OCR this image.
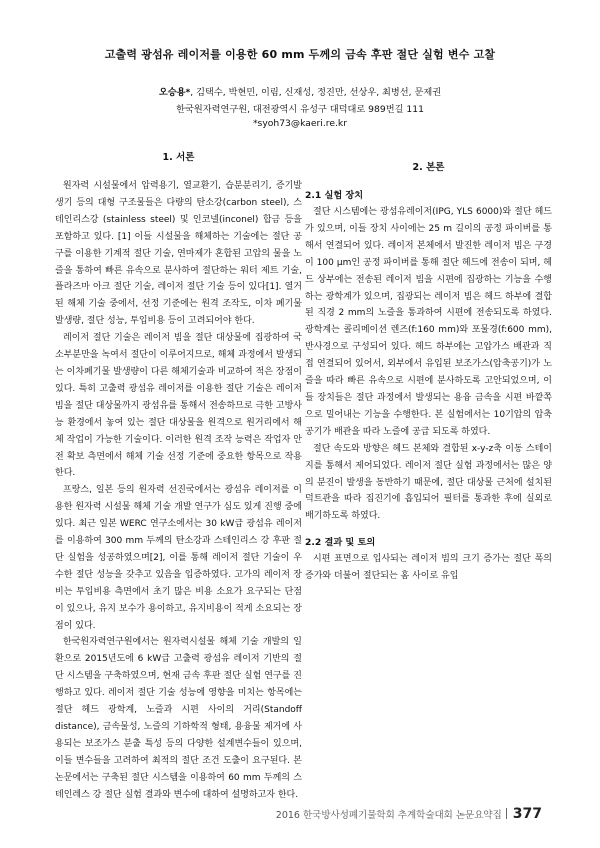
고출력 광섬유 레이저를 이용한 60 mm 두께의 금속 후판 절단 실험 변수 고찰
오승용*, 김택수, 박현민, 이림, 신재성, 정진만, 선상우, 최병선, 문제권
한국원자력연구원, 대전광역시 유성구 대덕대로 989번길 111
*syoh73@kaeri.re.kr
1. 서론

원자력 시설물에서 압력용기, 열교환기, 습분분리기, 증기발생기 등의 대형 구조물들은 다량의 탄소강(carbon steel), 스테인리스강 (stainless steel) 및 인코넬(inconel) 합금 등을 포함하고 있다. [1] 이들 시설물을 해체하는 기술에는 절단 공구를 이용한 기계적 절단 기술, 연마제가 혼합된 고압의 물을 노즐을 통하여 빠른 유속으로 분사하여 절단하는 워터 제트 기술, 플라즈마 아크 절단 기술, 레이저 절단 기술 등이 있다[1]. 열거된 해체 기술 중에서, 선정 기준에는 원격 조작도, 이차 폐기물 발생량, 절단 성능, 투입비용 등이 고려되어야 한다.

레이저 절단 기술은 레이저 빔을 절단 대상물에 집광하여 국소부분만을 녹여서 절단이 이루어지므로, 해체 과정에서 발생되는 이차폐기물 발생량이 다른 해체기술과 비교하여 적은 장점이 있다. 특히 고출력 광섬유 레이저를 이용한 절단 기술은 레이저 빔을 절단 대상물까지 광섬유를 통해서 전송하므로 극한 고방사능 환경에서 놓여 있는 절단 대상물을 원격으로 원거리에서 해체 작업이 가능한 기술이다. 이러한 원격 조작 능력은 작업자 안전 확보 측면에서 해체 기술 선정 기준에 중요한 항목으로 작용한다.

프랑스, 일본 등의 원자력 선진국에서는 광섬유 레이저를 이용한 원자력 시설물 해체 기술 개발 연구가 심도 있게 진행 중에 있다. 최근 일본 WERC 연구소에서는 30 kW급 광섬유 레이저를 이용하여 300 mm 두께의 탄소강과 스테인리스 강 후판 절단 실험을 성공하였으며[2], 이를 통해 레이저 절단 기술이 우수한 절단 성능을 갖추고 있음을 입증하였다. 고가의 레이저 장비는 투입비용 측면에서 초기 많은 비용 소요가 요구되는 단점이 있으나, 유지 보수가 용이하고, 유지비용이 적게 소요되는 장점이 있다.

한국원자력연구원에서는 원자력시설물 해체 기술 개발의 일환으로 2015년도에 6 kW급 고출력 광섬유 레이저 기반의 절단 시스템을 구축하였으며, 현재 금속 후판 절단 실험 연구를 진행하고 있다. 레이저 절단 기술 성능에 영향을 미치는 항목에는 절단 헤드 광학계, 노즐과 시편 사이의 거리(Standoff distance), 금속물성, 노즐의 기하학적 형태, 용융물 제거에 사용되는 보조가스 분출 특성 등의 다양한 설계변수들이 있으며, 이들 변수들을 고려하여 최적의 절단 조건 도출이 요구된다. 본 논문에서는 구축된 절단 시스템을 이용하여 60 mm 두께의 스테인레스 강 절단 실험 결과와 변수에 대하여 설명하고자 한다.

2. 본론
2.1 실험 장치

절단 시스템에는 광섬유레이저(IPG, YLS 6000)와 절단 헤드가 있으며, 이들 장치 사이에는 25 m 길이의 공정 파이버를 통해서 연결되어 있다. 레이저 본체에서 발진한 레이저 빔은 구경이 100 μm인 공정 파이버를 통해 절단 헤드에 전송이 되며, 헤드 상부에는 전송된 레이저 빔을 시편에 집광하는 기능을 수행하는 광학계가 있으며, 집광되는 레이저 빔은 헤드 하부에 결합된 직경 2 mm의 노즐을 통과하여 시편에 전송되도록 하였다. 광학계는 콜리메이션 렌즈(f:160 mm)와 포물경(f:600 mm), 반사경으로 구성되어 있다. 헤드 하부에는 고압가스 배관과 직접 연결되어 있어서, 외부에서 유입된 보조가스(압축공기)가 노즐을 따라 빠른 유속으로 시편에 분사하도록 고안되었으며, 이들 장치들은 절단 과정에서 발생되는 용융 금속을 시편 바깥쪽으로 밀어내는 기능을 수행한다. 본 실험에서는 10기압의 압축공기가 배관을 따라 노즐에 공급 되도록 하였다.

절단 속도와 방향은 헤드 본체와 결합된 x-y-z축 이동 스테이지를 통해서 제어되었다. 레이저 절단 실험 과정에서는 많은 양의 분진이 발생을 동반하기 때문에, 절단 대상물 근처에 설치된 덕트관을 따라 집진기에 흡입되어 필터를 통과한 후에 실외로 배기하도록 하였다.

2.2 결과 및 토의

시편 표면으로 입사되는 레이저 빔의 크기 증가는 절단 폭의 증가와 더불어 절단되는 홈 사이로 유입

2016 한국방사성폐기물학회 추계학술대회 논문요약집 377
